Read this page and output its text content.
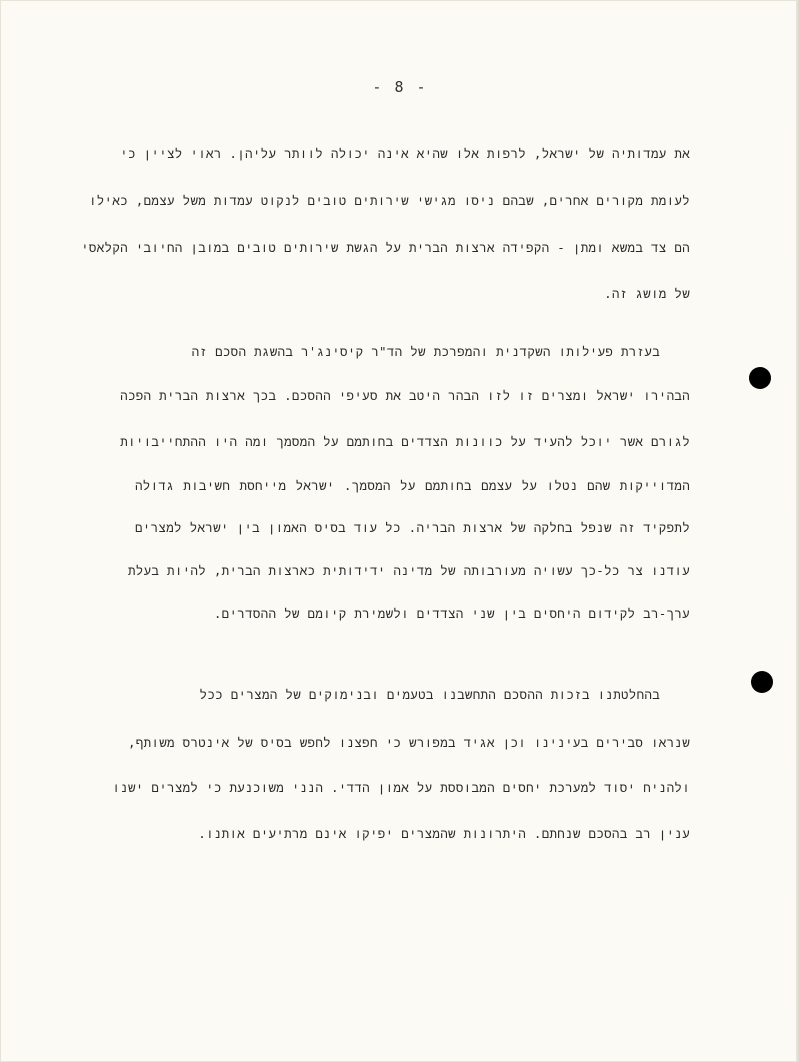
- 8 -
את עמדותיה של ישראל, לרפות אלו שהיא אינה יכולה לוותר עליהן. ראוי לציין כי
לעומת מקורים אחרים, שבהם ניסו מגישי שירותים טובים לנקוט עמדות משל עצמם, כאילו
הם צד במשא ומתן - הקפידה ארצות הברית על הגשת שירותים טובים במובן החיובי הקלאסי
של מושג זה.
בעזרת פעילותו השקדנית והמפרכת של הד"ר קיסינג'ר בהשגת הסכם זה
הבהירו ישראל ומצרים זו לזו הבהר היטב את סעיפי ההסכם. בכך ארצות הברית הפכה
לגורם אשר יוכל להעיד על כוונות הצדדים בחותמם על המסמך ומה היו ההתחייבויות
המדוייקות שהם נטלו על עצמם בחותמם על המסמך. ישראל מייחסת חשיבות גדולה
לתפקיד זה שנפל בחלקה של ארצות הבריה. כל עוד בסיס האמון בין ישראל למצרים
עודנו צר כל-כך עשויה מעורבותה של מדינה ידידותית כארצות הברית, להיות בעלת
ערך-רב לקידום היחסים בין שני הצדדים ולשמירת קיומם של ההסדרים.
בהחלטתנו בזכות ההסכם התחשבנו בטעמים ובנימוקים של המצרים ככל
שנראו סבירים בעינינו וכן אגיד במפורש כי חפצנו לחפש בסיס של אינטרס משותף,
ולהניח יסוד למערכת יחסים המבוססת על אמון הדדי. הנני משוכנעת כי למצרים ישנו
ענין רב בהסכם שנחתם. היתרונות שהמצרים יפיקו אינם מרתיעים אותנו.
